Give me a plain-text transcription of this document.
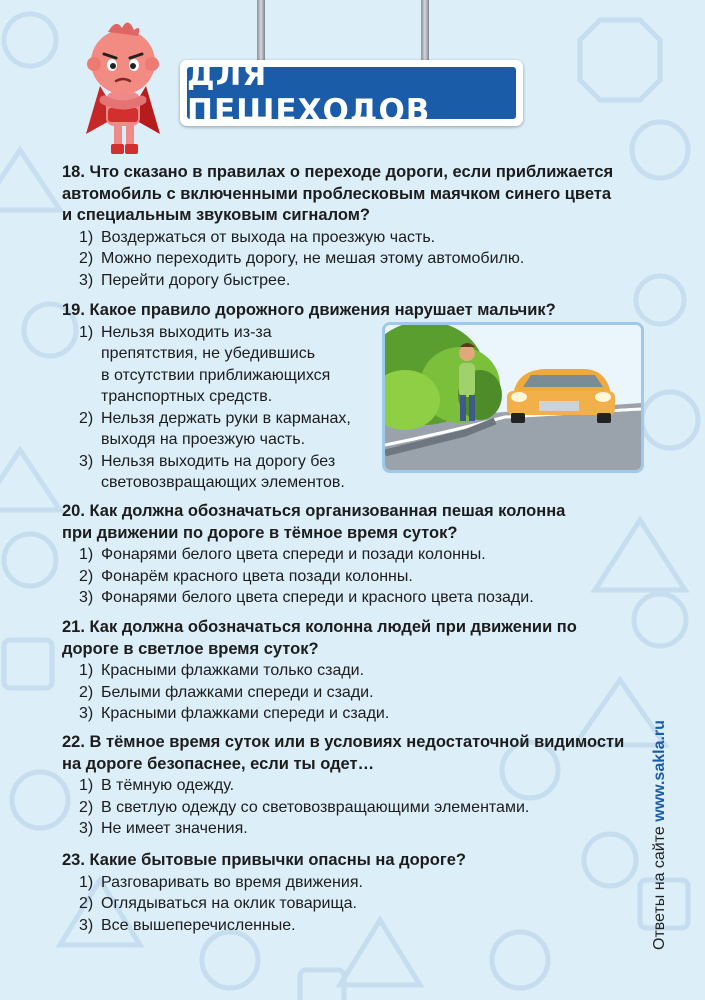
ДЛЯ ПЕШЕХОДОВ
18. Что сказано в правилах о переходе дороги, если приближается
автомобиль с включенными проблесковым маячком синего цвета
и специальным звуковым сигналом?
1) Воздержаться от выхода на проезжую часть.
2) Можно переходить дорогу, не мешая этому автомобилю.
3) Перейти дорогу быстрее.
19. Какое правило дорожного движения нарушает мальчик?
1) Нельзя выходить из-за
препятствия, не убедившись
в отсутствии приближающихся
транспортных средств.
2) Нельзя держать руки в карманах,
выходя на проезжую часть.
3) Нельзя выходить на дорогу без
световозвращающих элементов.
20. Как должна обозначаться организованная пешая колонна
при движении по дороге в тёмное время суток?
1) Фонарями белого цвета спереди и позади колонны.
2) Фонарём красного цвета позади колонны.
3) Фонарями белого цвета спереди и красного цвета позади.
21. Как должна обозначаться колонна людей при движении по
дороге в светлое время суток?
1) Красными флажками только сзади.
2) Белыми флажками спереди и сзади.
3) Красными флажками спереди и сзади.
22. В тёмное время суток или в условиях недостаточной видимости
на дороге безопаснее, если ты одет…
1) В тёмную одежду.
2) В светлую одежду со световозвращающими элементами.
3) Не имеет значения.
23. Какие бытовые привычки опасны на дороге?
1) Разговаривать во время движения.
2) Оглядываться на оклик товарища.
3) Все вышеперечисленные.	Ответы на сайте www.sakla.ru
